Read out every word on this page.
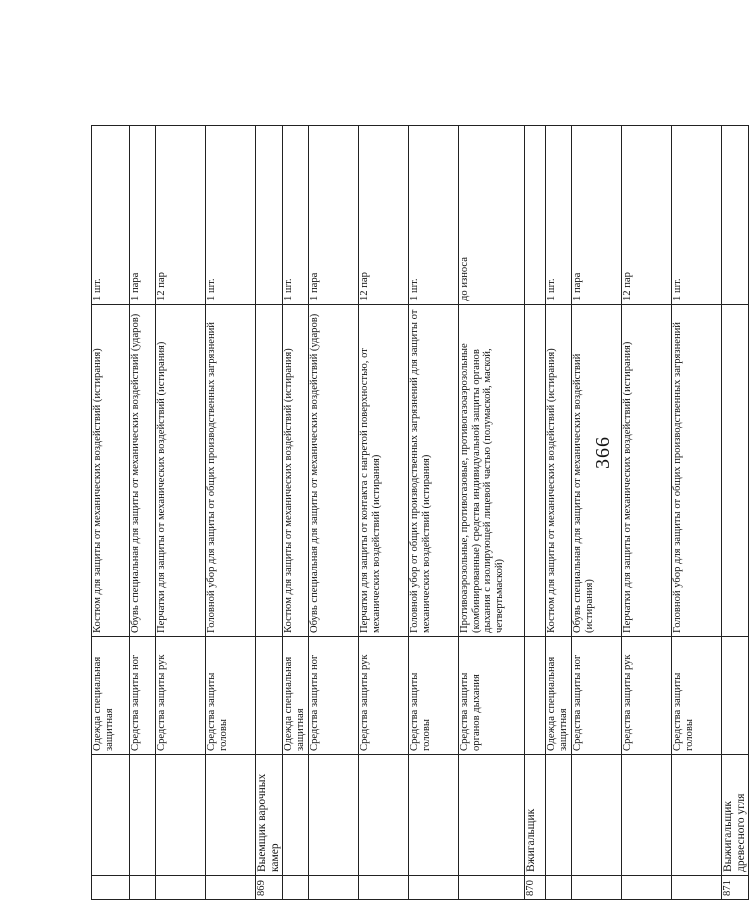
366
		Одежда специальная защитная	Костюм для защиты от механических воздействий (истирания)	1 шт.
		Средства защиты ног	Обувь специальная для защиты от механических воздействий (ударов)	1 пара
		Средства защиты рук	Перчатки для защиты от механических воздействий (истирания)	12 пар
		Средства защиты головы	Головной убор для защиты от общих производственных загрязнений	1 шт.
869	Выемщик варочных камер			
		Одежда специальная защитная	Костюм для защиты от механических воздействий (истирания)	1 шт.
		Средства защиты ног	Обувь специальная для защиты от механических воздействий (ударов)	1 пара
		Средства защиты рук	Перчатки для защиты от контакта с нагретой поверхностью, от механических воздействий (истирания)	12 пар
		Средства защиты головы	Головной убор от общих производственных загрязнений для защиты от механических воздействий (истирания)	1 шт.
		Средства защиты органов дыхания	Противоаэрозольные, противогазовые, противогазоаэрозольные (комбинированные) средства индивидуальной защиты органов дыхания с изолирующей лицевой частью (полумаской, маской, четвертьмаской)	до износа
870	Вжигальщик			
		Одежда специальная защитная	Костюм для защиты от механических воздействий (истирания)	1 шт.
		Средства защиты ног	Обувь специальная для защиты от механических воздействий (истирания)	1 пара
		Средства защиты рук	Перчатки для защиты от механических воздействий (истирания)	12 пар
		Средства защиты головы	Головной убор для защиты от общих производственных загрязнений	1 шт.
871	Выжигальщик древесного угля			
